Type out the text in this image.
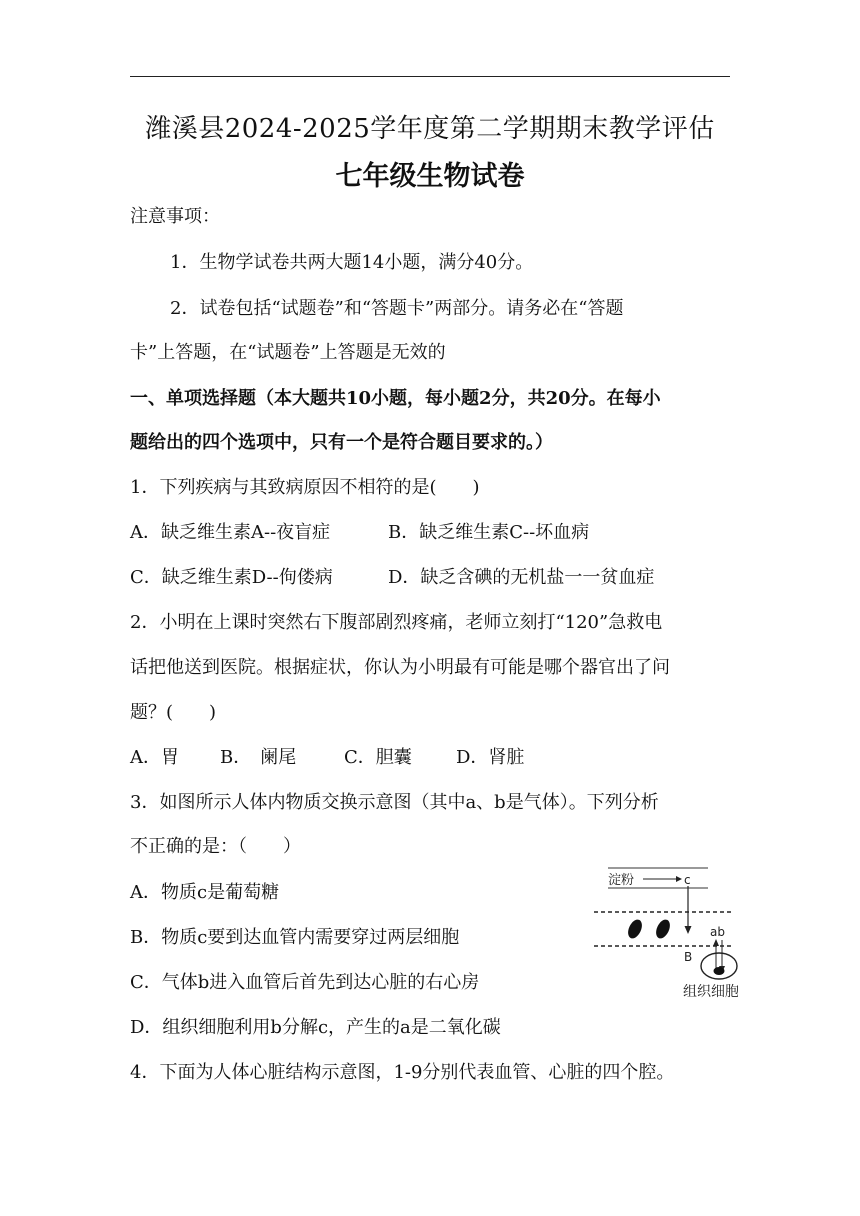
潍溪县2024-2025学年度第二学期期末教学评估
七年级生物试卷
注意事项：
1．生物学试卷共两大题14小题，满分40分。
2．试卷包括“试题卷”和“答题卡”两部分。请务必在“答题
卡”上答题，在“试题卷”上答题是无效的
一、单项选择题（本大题共10小题，每小题2分，共20分。在每小
题给出的四个选项中，只有一个是符合题目要求的。）
1．下列疾病与其致病原因不相符的是(　　)
A．缺乏维生素A--夜盲症	B．缺乏维生素C--坏血病
C．缺乏维生素D--佝偻病	D．缺乏含碘的无机盐一一贫血症
2．小明在上课时突然右下腹部剧烈疼痛，老师立刻打“120”急救电
话把他送到医院。根据症状，你认为小明最有可能是哪个器官出了问
题？(　　)
A．胃 B．　阑尾	C．胆囊 D．肾脏
3．如图所示人体内物质交换示意图（其中a、b是气体）。下列分析
不正确的是：（　　）
A．物质c是葡萄糖
B．物质c要到达血管内需要穿过两层细胞
C．气体b进入血管后首先到达心脏的右心房
D．组织细胞利用b分解c，产生的a是二氧化碳
淀粉	c
ab
B
组织细胞
4．下面为人体心脏结构示意图，1-9分别代表血管、心脏的四个腔。
